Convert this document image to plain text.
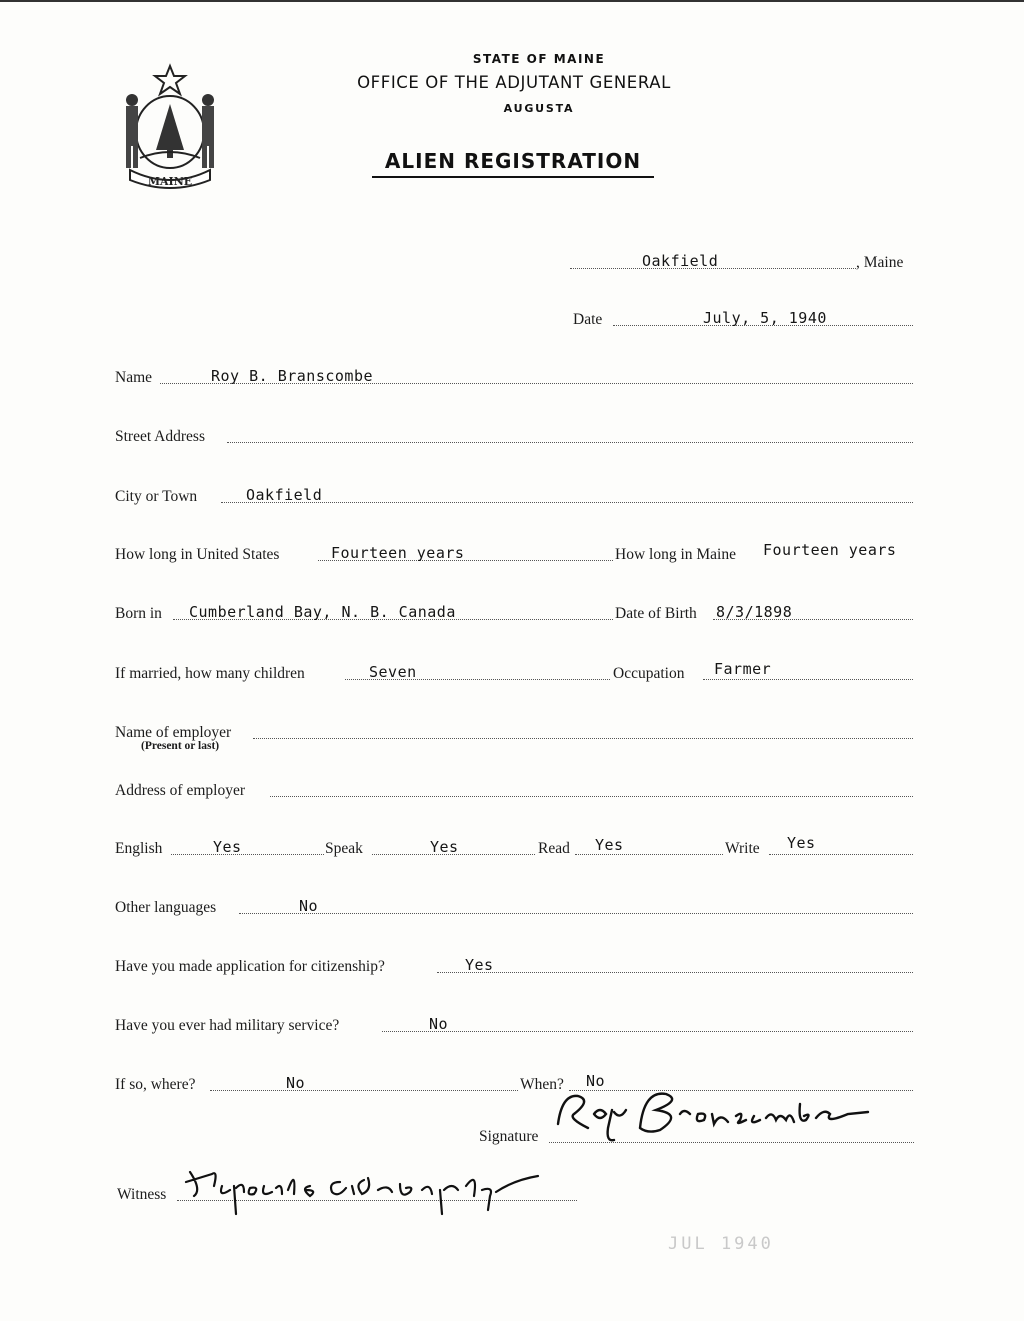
MAINE
STATE OF MAINE
OFFICE OF THE ADJUTANT GENERAL
AUGUSTA
ALIEN REGISTRATION
Oakfield	, Maine
Date	July, 5, 1940
Name	Roy B. Branscombe
Street Address
City or Town	Oakfield
How long in United States	Fourteen years	How long in Maine Fourteen years
Born in Cumberland Bay, N. B. Canada	Date of Birth 8/3/1898
If married, how many children	Seven	Occupation Farmer
Name of employer
(Present or last)
Address of employer
English	Yes	Speak	Yes	Read Yes	Write Yes
Other languages	No
Have you made application for citizenship?	Yes
Have you ever had military service?	No
If so, where?	No	When? No
Signature
Witness
JUL 1940
